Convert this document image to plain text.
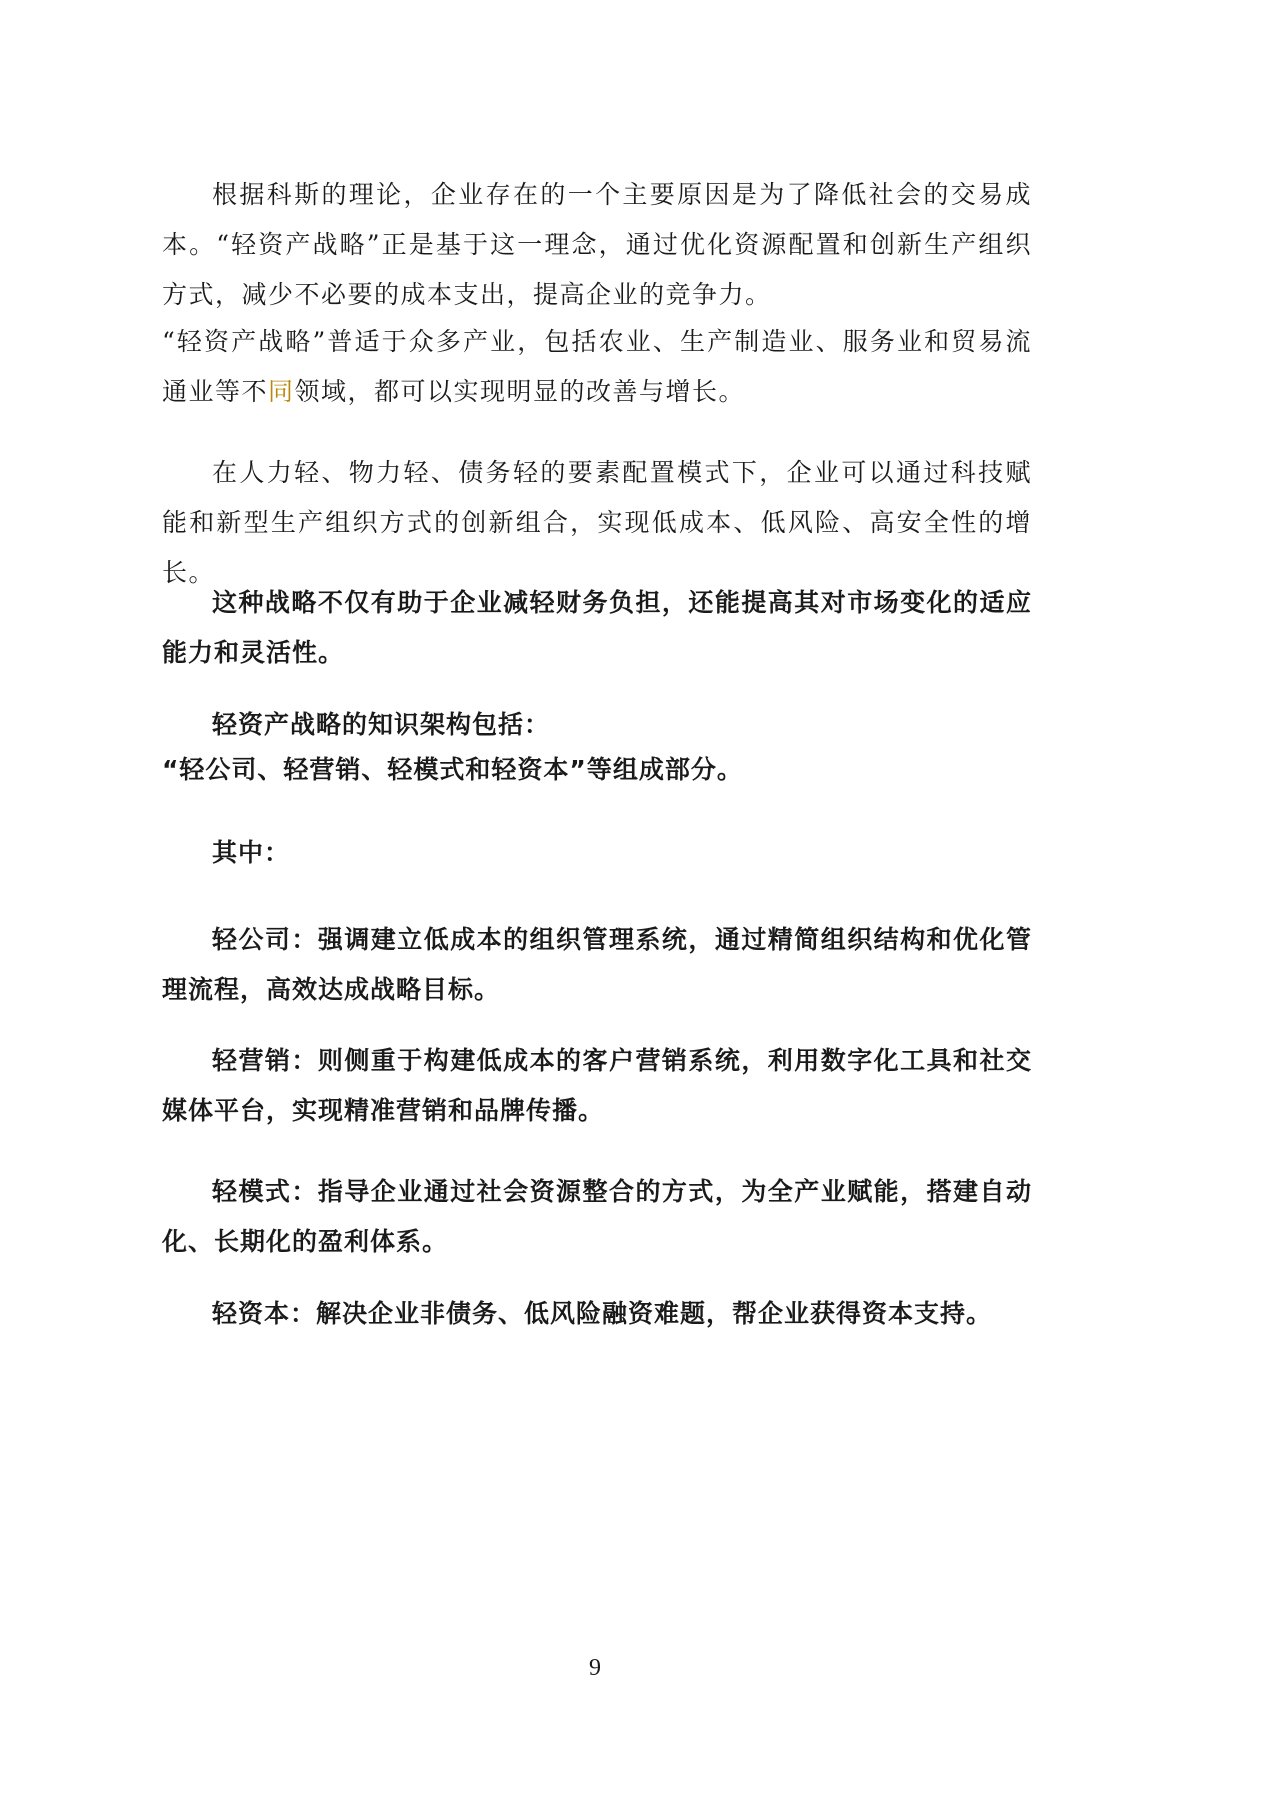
根据科斯的理论，企业存在的一个主要原因是为了降低社会的交易成本。“轻资产战略”正是基于这一理念，通过优化资源配置和创新生产组织方式，减少不必要的成本支出，提高企业的竞争力。

“轻资产战略”普适于众多产业，包括农业、生产制造业、服务业和贸易流通业等不同领域，都可以实现明显的改善与增长。

在人力轻、物力轻、债务轻的要素配置模式下，企业可以通过科技赋能和新型生产组织方式的创新组合，实现低成本、低风险、高安全性的增长。

这种战略不仅有助于企业减轻财务负担，还能提高其对市场变化的适应能力和灵活性。

轻资产战略的知识架构包括：

“轻公司、轻营销、轻模式和轻资本”等组成部分。

其中：

轻公司：强调建立低成本的组织管理系统，通过精简组织结构和优化管理流程，高效达成战略目标。

轻营销：则侧重于构建低成本的客户营销系统，利用数字化工具和社交媒体平台，实现精准营销和品牌传播。

轻模式：指导企业通过社会资源整合的方式，为全产业赋能，搭建自动化、长期化的盈利体系。

轻资本：解决企业非债务、低风险融资难题，帮企业获得资本支持。

9
